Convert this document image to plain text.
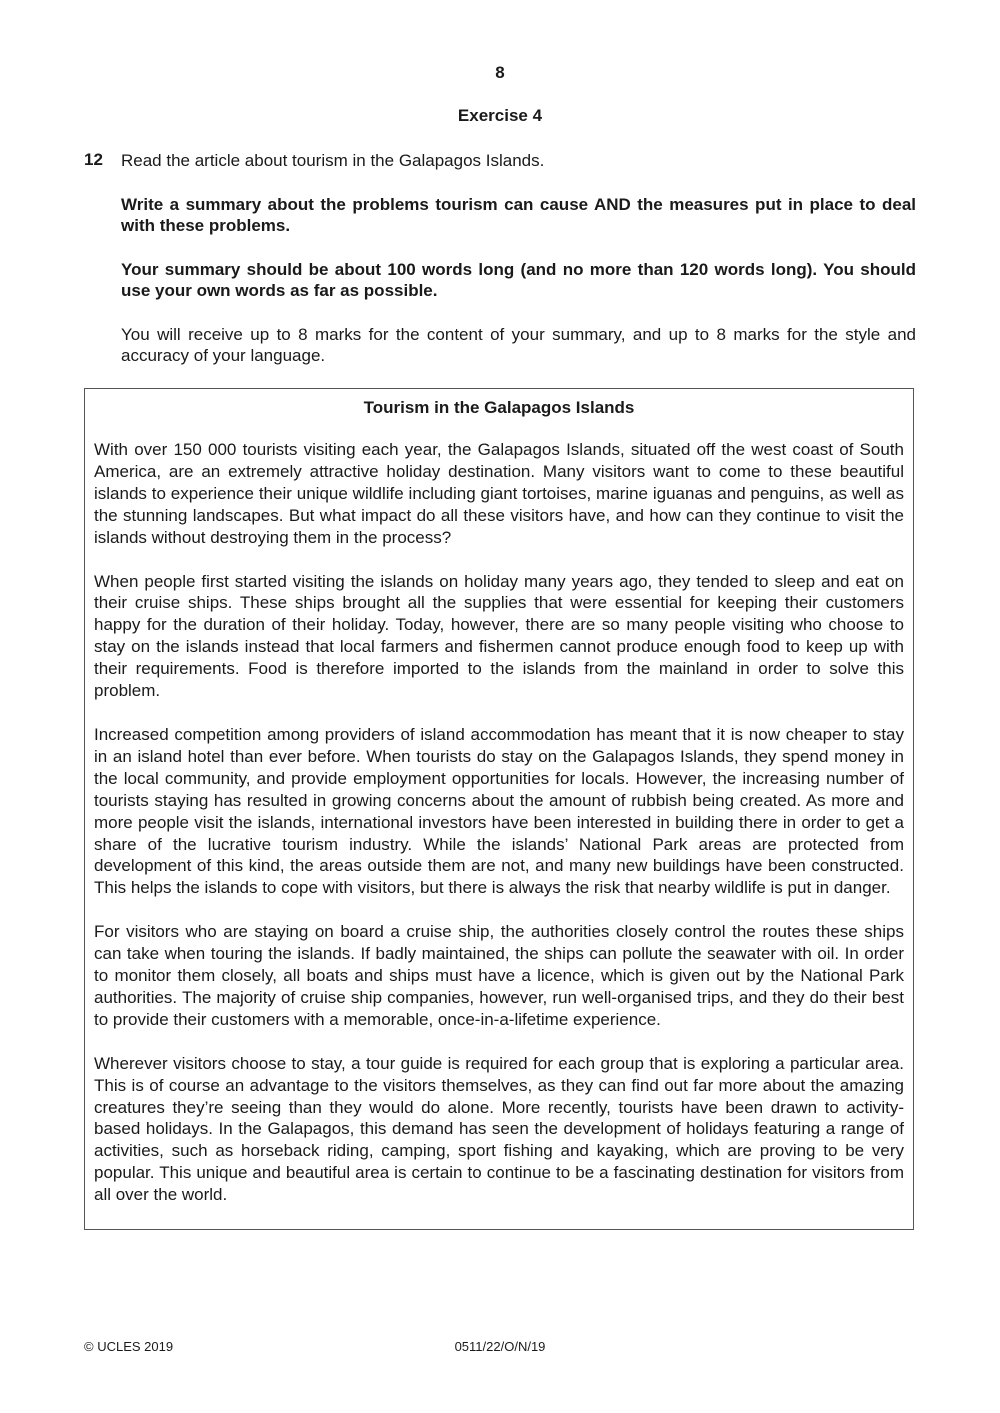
8
Exercise 4
12 Read the article about tourism in the Galapagos Islands.

Write a summary about the problems tourism can cause AND the measures put in place to deal with these problems.

Your summary should be about 100 words long (and no more than 120 words long). You should use your own words as far as possible.

You will receive up to 8 marks for the content of your summary, and up to 8 marks for the style and accuracy of your language.

Tourism in the Galapagos Islands

With over 150 000 tourists visiting each year, the Galapagos Islands, situated off the west coast of South America, are an extremely attractive holiday destination. Many visitors want to come to these beautiful islands to experience their unique wildlife including giant tortoises, marine iguanas and penguins, as well as the stunning landscapes. But what impact do all these visitors have, and how can they continue to visit the islands without destroying them in the process?

When people first started visiting the islands on holiday many years ago, they tended to sleep and eat on their cruise ships. These ships brought all the supplies that were essential for keeping their customers happy for the duration of their holiday. Today, however, there are so many people visiting who choose to stay on the islands instead that local farmers and fishermen cannot produce enough food to keep up with their requirements. Food is therefore imported to the islands from the mainland in order to solve this problem.

Increased competition among providers of island accommodation has meant that it is now cheaper to stay in an island hotel than ever before. When tourists do stay on the Galapagos Islands, they spend money in the local community, and provide employment opportunities for locals. However, the increasing number of tourists staying has resulted in growing concerns about the amount of rubbish being created. As more and more people visit the islands, international investors have been interested in building there in order to get a share of the lucrative tourism industry. While the islands’ National Park areas are protected from development of this kind, the areas outside them are not, and many new buildings have been constructed. This helps the islands to cope with visitors, but there is always the risk that nearby wildlife is put in danger.

For visitors who are staying on board a cruise ship, the authorities closely control the routes these ships can take when touring the islands. If badly maintained, the ships can pollute the seawater with oil. In order to monitor them closely, all boats and ships must have a licence, which is given out by the National Park authorities. The majority of cruise ship companies, however, run well-organised trips, and they do their best to provide their customers with a memorable, once-in-a-lifetime experience.

Wherever visitors choose to stay, a tour guide is required for each group that is exploring a particular area. This is of course an advantage to the visitors themselves, as they can find out far more about the amazing creatures they’re seeing than they would do alone. More recently, tourists have been drawn to activity-based holidays. In the Galapagos, this demand has seen the development of holidays featuring a range of activities, such as horseback riding, camping, sport fishing and kayaking, which are proving to be very popular. This unique and beautiful area is certain to continue to be a fascinating destination for visitors from all over the world.

© UCLES 2019	0511/22/O/N/19
